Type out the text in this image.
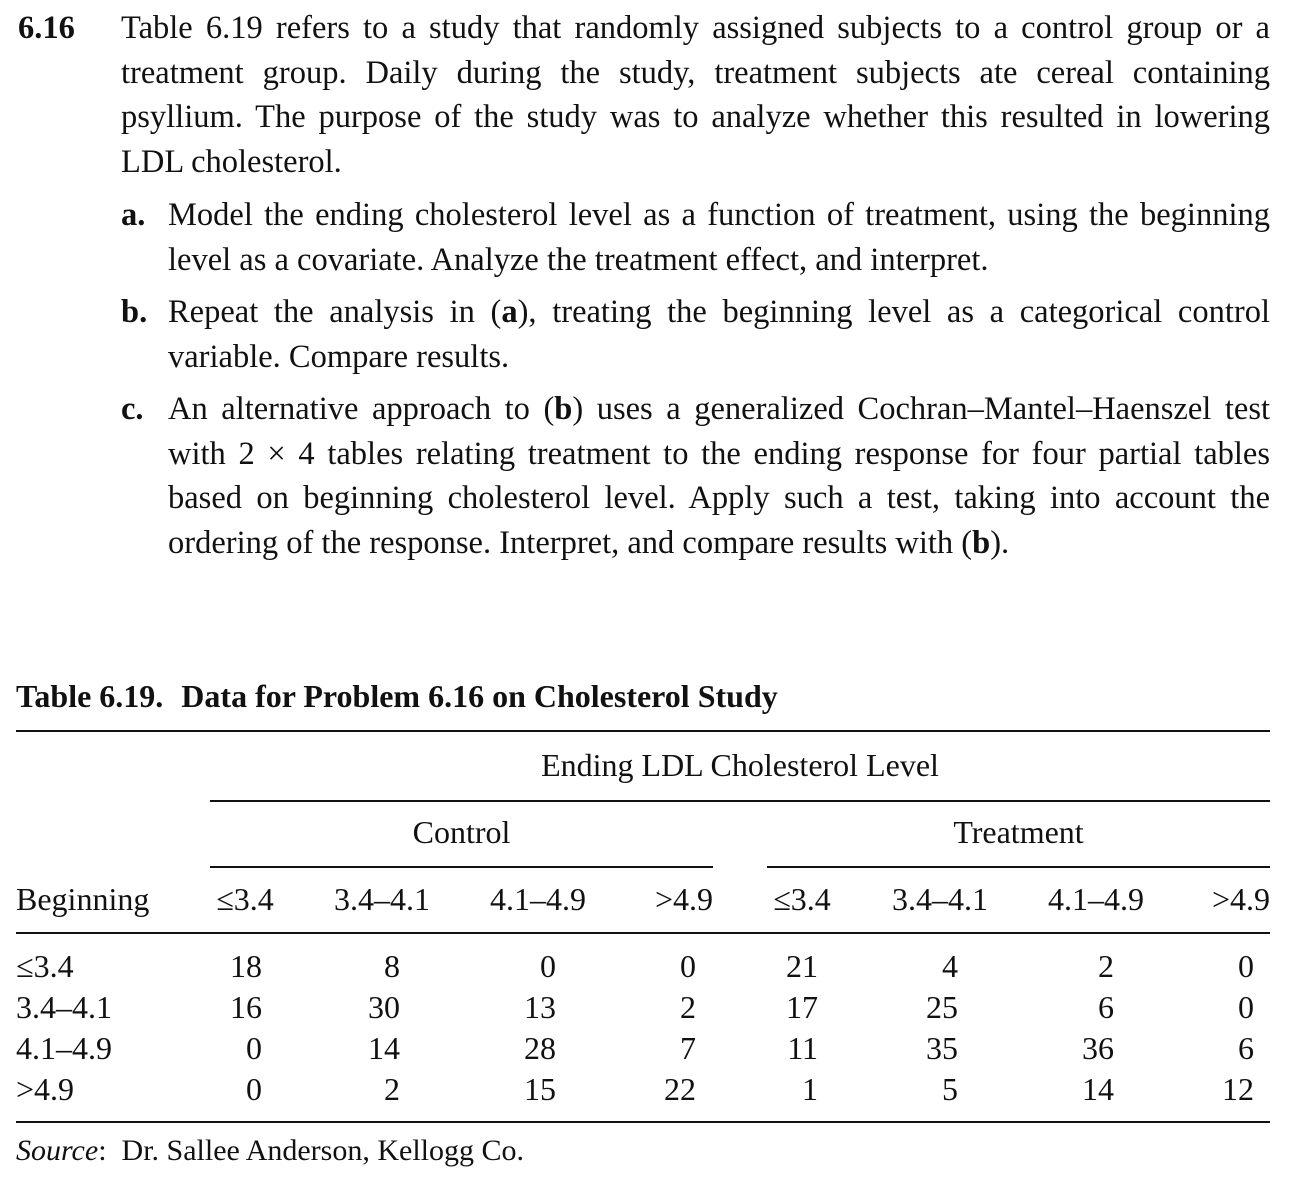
6.16 Table 6.19 refers to a study that randomly assigned subjects to a control group or a treatment group. Daily during the study, treatment subjects ate cereal containing psyllium. The purpose of the study was to analyze whether this resulted in lowering LDL cholesterol.
a. Model the ending cholesterol level as a function of treatment, using the beginning level as a covariate. Analyze the treatment effect, and interpret.
b. Repeat the analysis in (a), treating the beginning level as a categorical control variable. Compare results.
c. An alternative approach to (b) uses a generalized Cochran–Mantel–Haenszel test with 2 × 4 tables relating treatment to the ending response for four partial tables based on beginning cholesterol level. Apply such a test, taking into account the ordering of the response. Interpret, and compare results with (b).
Table 6.19. Data for Problem 6.16 on Cholesterol Study
Ending LDL Cholesterol Level
Control	Treatment
Beginning	≤3.4	3.4–4.1	4.1–4.9	>4.9	≤3.4	3.4–4.1	4.1–4.9	>4.9
≤3.4	18	8	0	0	21	4	2	0
3.4–4.1	16	30	13	2	17	25	6	0
4.1–4.9	0	14	28	7	11	35	36	6
>4.9	0	2	15	22	1	5	14	12
Source:  Dr. Sallee Anderson, Kellogg Co.
